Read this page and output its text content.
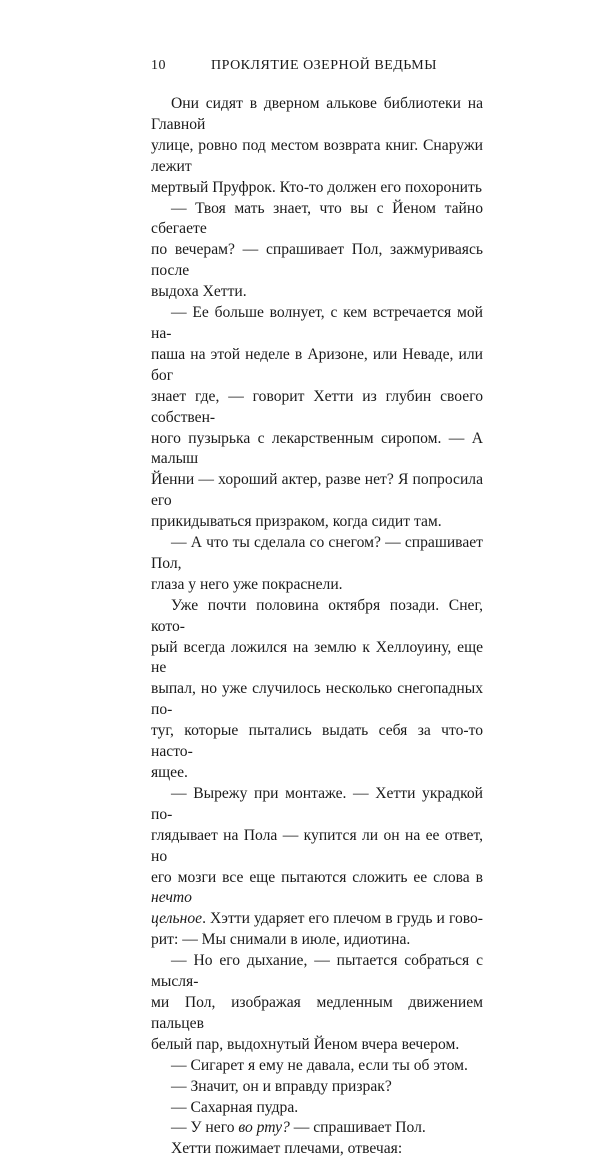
10	ПРОКЛЯТИЕ ОЗЕРНОЙ ВЕДЬМЫ

Они сидят в дверном алькове библиотеки на Главной
улице, ровно под местом возврата книг. Снаружи лежит
мертвый Пруфрок. Кто-то должен его похоронить

— Твоя мать знает, что вы с Йеном тайно сбегаете
по вечерам? — спрашивает Пол, зажмуриваясь после
выдоха Хетти.

— Ее больше волнует, с кем встречается мой на-
паша на этой неделе в Аризоне, или Неваде, или бог
знает где, — говорит Хетти из глубин своего собствен-
ного пузырька с лекарственным сиропом. — А малыш
Йенни — хороший актер, разве нет? Я попросила его
прикидываться призраком, когда сидит там.

— А что ты сделала со снегом? — спрашивает Пол,
глаза у него уже покраснели.

Уже почти половина октября позади. Снег, кото-
рый всегда ложился на землю к Хеллоуину, еще не
выпал, но уже случилось несколько снегопадных по-
туг, которые пытались выдать себя за что-то насто-
ящее.

— Вырежу при монтаже. — Хетти украдкой по-
глядывает на Пола — купится ли он на ее ответ, но
его мозги все еще пытаются сложить ее слова в нечто
цельное. Хэтти ударяет его плечом в грудь и гово-
рит: — Мы снимали в июле, идиотина.

— Но его дыхание, — пытается собраться с мысля-
ми Пол, изображая медленным движением пальцев
белый пар, выдохнутый Йеном вчера вечером.

— Сигарет я ему не давала, если ты об этом.

— Значит, он и вправду призрак?

— Сахарная пудра.

— У него во рту? — спрашивает Пол.

Хетти пожимает плечами, отвечая:
